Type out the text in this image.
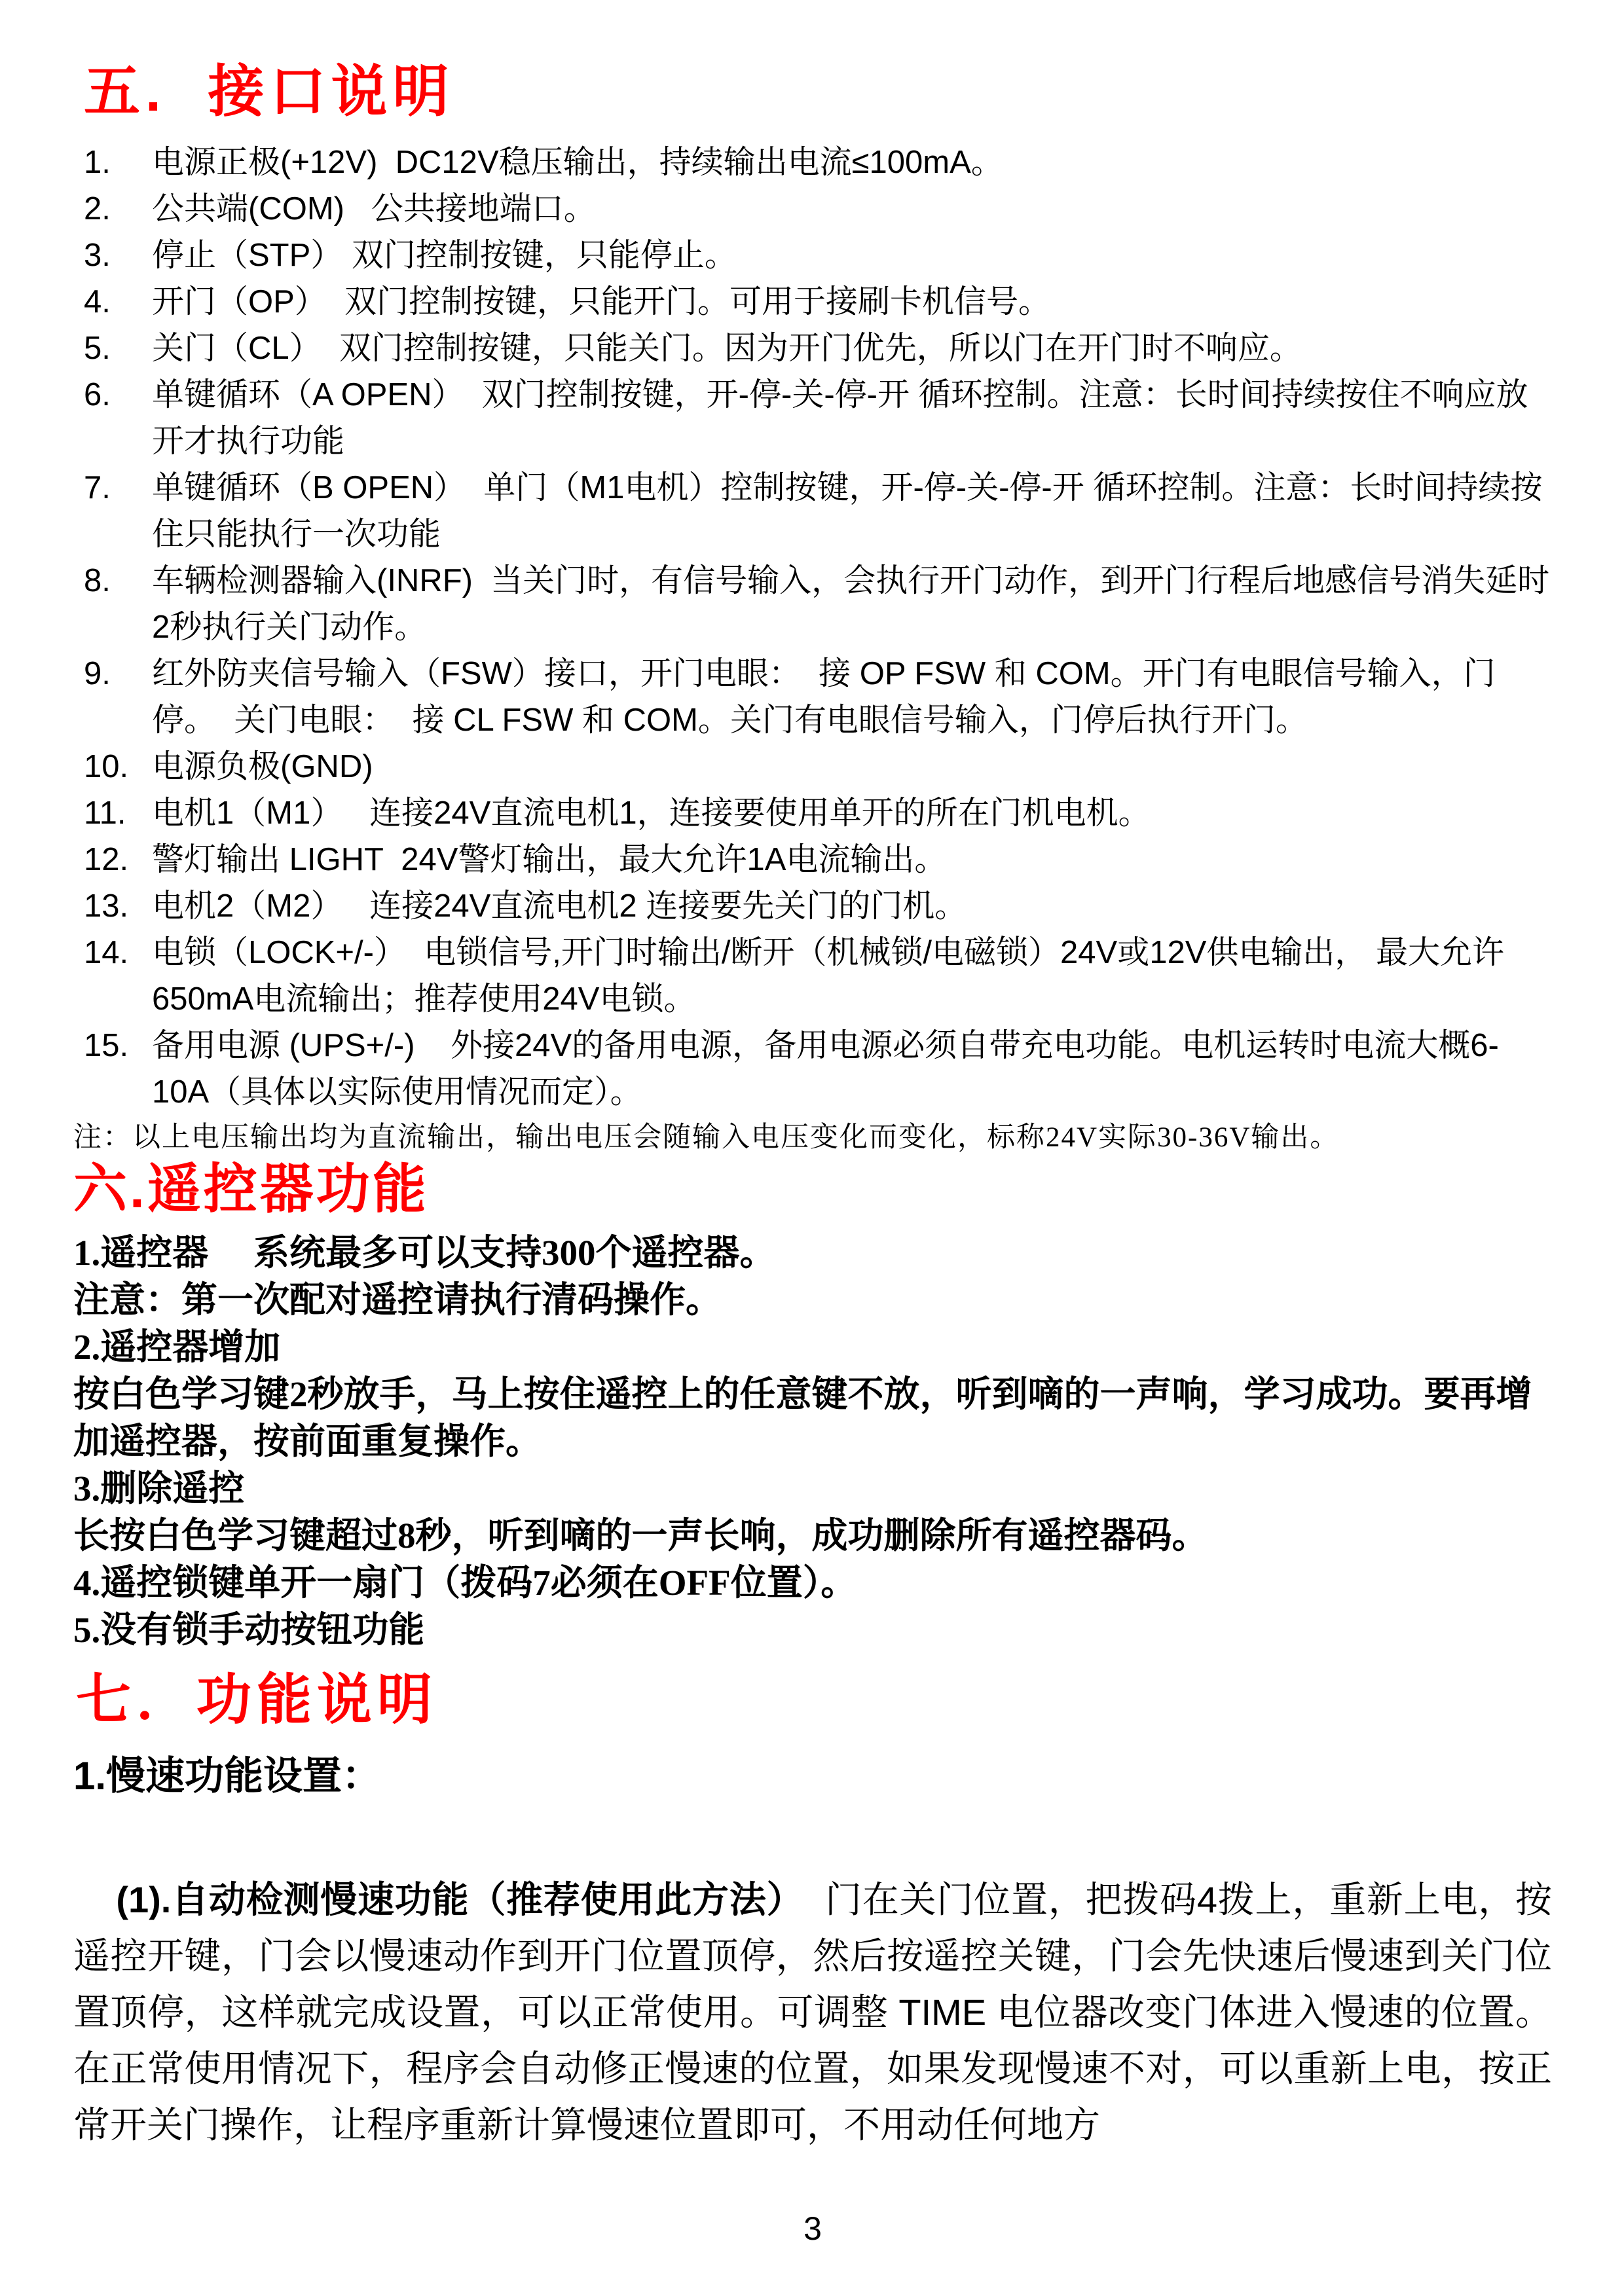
五.  接口说明
1.	电源正极(+12V)  DC12V稳压输出，持续输出电流≤100mA。
2.	公共端(COM)   公共接地端口。
3.	停止（STP） 双门控制按键，只能停止。
4.	开门（OP）  双门控制按键，只能开门。可用于接刷卡机信号。
5.	关门（CL）  双门控制按键，只能关门。因为开门优先，所以门在开门时不响应。
6.	单键循环（A OPEN）  双门控制按键，开-停-关-停-开 循环控制。注意：长时间持续按住不响应放开才执行功能
7.	单键循环（B OPEN）  单门（M1电机）控制按键，开-停-关-停-开 循环控制。注意：长时间持续按住只能执行一次功能
8.	车辆检测器输入(INRF)  当关门时，有信号输入，会执行开门动作，到开门行程后地感信号消失延时2秒执行关门动作。
9.	红外防夹信号输入（FSW）接口，开门电眼：  接 OP FSW 和 COM。开门有电眼信号输入，门停。  关门电眼：  接 CL FSW 和 COM。关门有电眼信号输入，门停后执行开门。
10. 电源负极(GND)
11. 电机1（M1）   连接24V直流电机1，连接要使用单开的所在门机电机。
12. 警灯输出 LIGHT  24V警灯输出，最大允许1A电流输出。
13. 电机2（M2）   连接24V直流电机2 连接要先关门的门机。
14. 电锁（LOCK+/-）  电锁信号,开门时输出/断开（机械锁/电磁锁）24V或12V供电输出， 最大允许650mA电流输出；推荐使用24V电锁。
15. 备用电源 (UPS+/-)    外接24V的备用电源，备用电源必须自带充电功能。电机运转时电流大概6-10A（具体以实际使用情况而定）。
注：以上电压输出均为直流输出，输出电压会随输入电压变化而变化，标称24V实际30-36V输出。
六.遥控器功能
1.遥控器　 系统最多可以支持300个遥控器。
注意：第一次配对遥控请执行清码操作。
2.遥控器增加
按白色学习键2秒放手，马上按住遥控上的任意键不放，听到嘀的一声响，学习成功。要再增加遥控器，按前面重复操作。
3.删除遥控
长按白色学习键超过8秒，听到嘀的一声长响，成功删除所有遥控器码。
4.遥控锁键单开一扇门（拨码7必须在OFF位置）。
5.没有锁手动按钮功能
七．功能说明
1.慢速功能设置：

(1).自动检测慢速功能（推荐使用此方法）  门在关门位置，把拨码4拨上，重新上电，按遥控开键，门会以慢速动作到开门位置顶停，然后按遥控关键，门会先快速后慢速到关门位置顶停，这样就完成设置，可以正常使用。可调整 TIME 电位器改变门体进入慢速的位置。  在正常使用情况下，程序会自动修正慢速的位置，如果发现慢速不对，可以重新上电，按正常开关门操作，让程序重新计算慢速位置即可，不用动任何地方

3
